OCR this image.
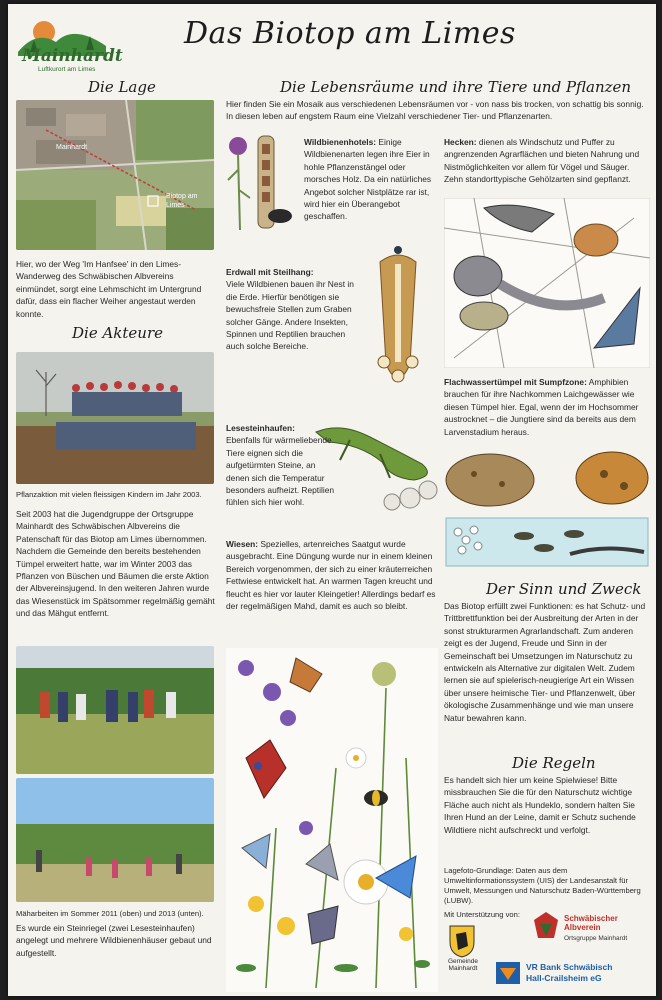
Mainhardt
Luftkurort am Limes
Das Biotop am Limes
Die Lage
Mainhardt
Biotop am Limes
Hier, wo der Weg 'Im Hanfsee' in den Limes-Wanderweg des Schwäbischen Albvereins einmündet, sorgt eine Lehmschicht im Untergrund dafür, dass ein flacher Weiher angestaut werden konnte.
Die Akteure
Pflanzaktion mit vielen fleissigen Kindern im Jahr 2003.
Seit 2003 hat die Jugendgruppe der Ortsgruppe Mainhardt des Schwäbischen Albvereins die Patenschaft für das Biotop am Limes übernommen. Nachdem die Gemeinde den bereits bestehenden Tümpel erweitert hatte, war im Winter 2003 das Pflanzen von Büschen und Bäumen die erste Aktion der Albvereinsjugend. In den weiteren Jahren wurde das Wiesenstück im Spätsommer regelmäßig gemäht und das Mähgut entfernt.
Mäharbeiten im Sommer 2011 (oben) und 2013 (unten).
Es wurde ein Steinriegel (zwei Lesesteinhaufen) angelegt und mehrere Wildbienenhäuser gebaut und aufgestellt.
Die Lebensräume und ihre Tiere und Pflanzen
Hier finden Sie ein Mosaik aus verschiedenen Lebensräumen vor - von nass bis trocken, von schattig bis sonnig. In diesen leben auf engstem Raum eine Vielzahl verschiedener Tier- und Pflanzenarten.
Wildbienenhotels: Einige Wildbienenarten legen ihre Eier in hohle Pflanzenstängel oder morsches Holz. Da ein natürliches Angebot solcher Nistplätze rar ist, wird hier ein Überangebot geschaffen.
Erdwall mit Steilhang:
Viele Wildbienen bauen ihr Nest in die Erde. Hierfür benötigen sie bewuchsfreie Stellen zum Graben solcher Gänge. Andere Insekten, Spinnen und Reptilien brauchen auch solche Bereiche.
Lesesteinhaufen:
Ebenfalls für wärmeliebende Tiere eignen sich die aufgetürmten Steine, an denen sich die Temperatur besonders aufheizt. Reptilien fühlen sich hier wohl.
Wiesen: Spezielles, artenreiches Saatgut wurde ausgebracht. Eine Düngung wurde nur in einem kleinen Bereich vorgenommen, der sich zu einer kräuterreichen Fettwiese entwickelt hat. An warmen Tagen kreucht und fleucht es hier vor lauter Kleingetier! Allerdings bedarf es der regelmäßigen Mahd, damit es auch so bleibt.
Hecken: dienen als Windschutz und Puffer zu angrenzenden Agrarflächen und bieten Nahrung und Nistmöglichkeiten vor allem für Vögel und Säuger. Zehn standorttypische Gehölzarten sind gepflanzt.
Flachwassertümpel mit Sumpfzone: Amphibien brauchen für ihre Nachkommen Laichgewässer wie diesen Tümpel hier. Egal, wenn der im Hochsommer austrocknet – die Jungtiere sind da bereits aus dem Larvenstadium heraus.
Der Sinn und Zweck
Das Biotop erfüllt zwei Funktionen: es hat Schutz- und Trittbrettfunktion bei der Ausbreitung der Arten in der sonst strukturarmen Agrarlandschaft. Zum anderen zeigt es der Jugend, Freude und Sinn in der Gemeinschaft bei Umsetzungen im Naturschutz zu entwickeln als Alternative zur digitalen Welt. Zudem lernen sie auf spielerisch-neugierige Art ein Wissen über unsere heimische Tier- und Pflanzenwelt, über ökologische Zusammenhänge und wie man unsere Natur bewahren kann.
Die Regeln
Es handelt sich hier um keine Spielwiese! Bitte missbrauchen Sie die für den Naturschutz wichtige Fläche auch nicht als Hundeklo, sondern halten Sie Ihren Hund an der Leine, damit er Schutz suchende Wildtiere nicht aufschreckt und verfolgt.
Lagefoto-Grundlage: Daten aus dem Umweltinformationssystem (UIS) der Landesanstalt für Umwelt, Messungen und Naturschutz Baden-Württemberg (LUBW).
Mit Unterstützung von:	Schwäbischer
Albverein
Ortsgruppe Mainhardt
Gemeinde
Mainhardt	VR Bank Schwäbisch
Hall-Crailsheim eG
